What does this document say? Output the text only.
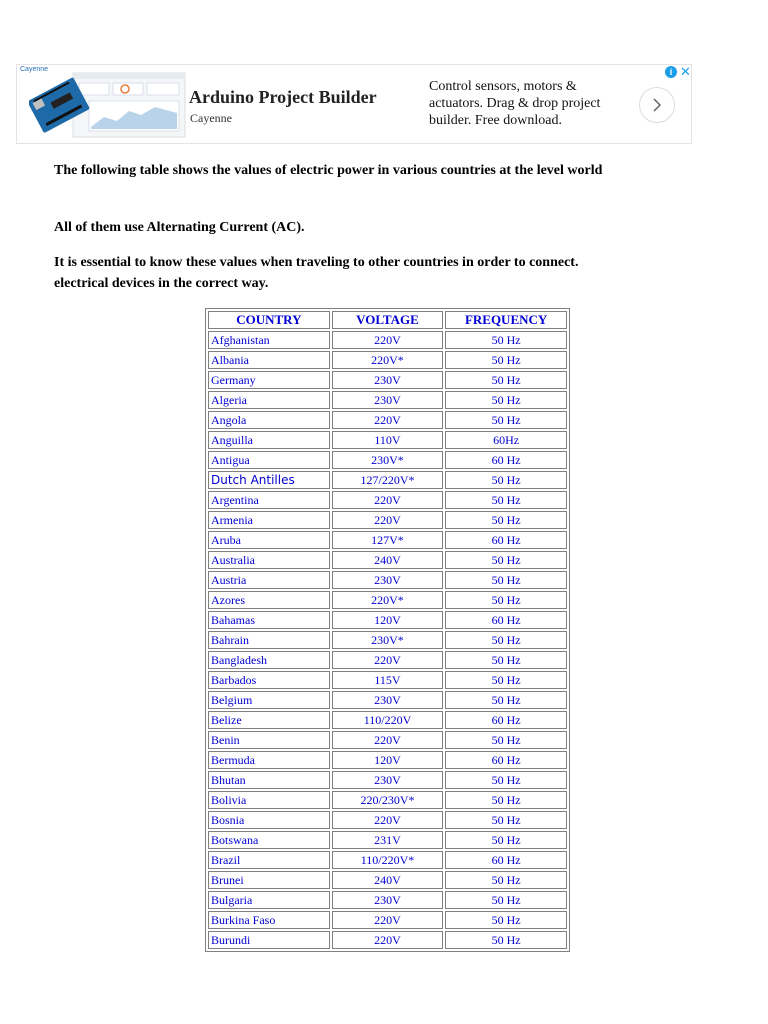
Cayenne
Arduino Project Builder
Cayenne
Control sensors, motors & actuators. Drag & drop project builder. Free download.
i ✕
The following table shows the values of electric power in various countries at the level world
All of them use Alternating Current (AC).
It is essential to know these values when traveling to other countries in order to connect. electrical devices in the correct way.
COUNTRY	VOLTAGE	FREQUENCY
Afghanistan	220V	50 Hz
Albania	220V*	50 Hz
Germany	230V	50 Hz
Algeria	230V	50 Hz
Angola	220V	50 Hz
Anguilla	110V	60Hz
Antigua	230V*	60 Hz
Dutch Antilles	127/220V*	50 Hz
Argentina	220V	50 Hz
Armenia	220V	50 Hz
Aruba	127V*	60 Hz
Australia	240V	50 Hz
Austria	230V	50 Hz
Azores	220V*	50 Hz
Bahamas	120V	60 Hz
Bahrain	230V*	50 Hz
Bangladesh	220V	50 Hz
Barbados	115V	50 Hz
Belgium	230V	50 Hz
Belize	110/220V	60 Hz
Benin	220V	50 Hz
Bermuda	120V	60 Hz
Bhutan	230V	50 Hz
Bolivia	220/230V*	50 Hz
Bosnia	220V	50 Hz
Botswana	231V	50 Hz
Brazil	110/220V*	60 Hz
Brunei	240V	50 Hz
Bulgaria	230V	50 Hz
Burkina Faso	220V	50 Hz
Burundi	220V	50 Hz
